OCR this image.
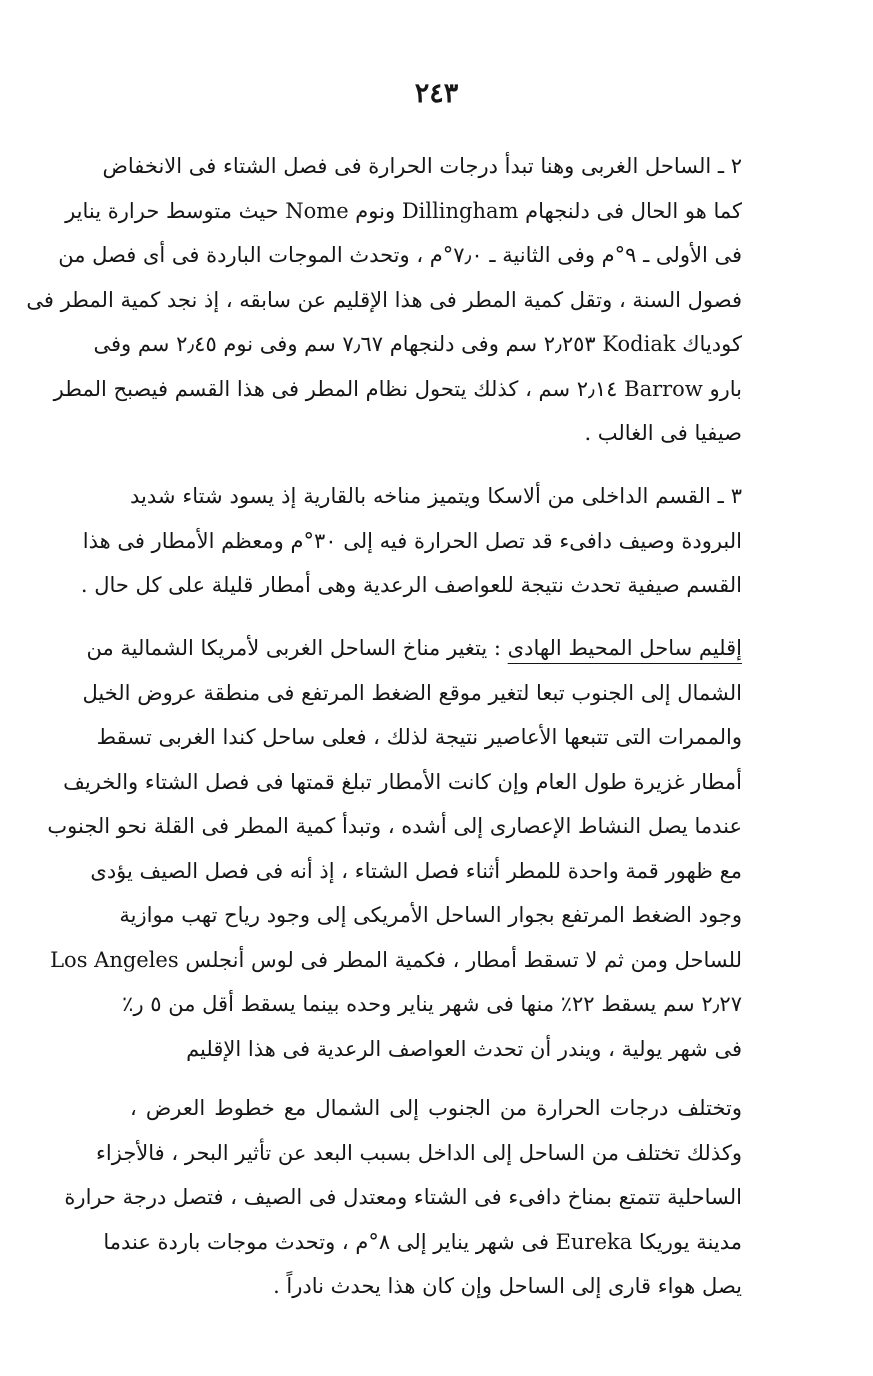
٢٤٣
٢ ـ الساحل الغربى وهنا تبدأ درجات الحرارة فى فصل الشتاء فى الانخفاض
كما هو الحال فى دلنجهام Dillingham ونوم Nome حيث متوسط حرارة يناير
فى الأولى ـ ٩°م وفى الثانية ـ ٧٫٠°م ، وتحدث الموجات الباردة فى أى فصل من
فصول السنة ، وتقل كمية المطر فى هذا الإقليم عن سابقه ، إذ نجد كمية المطر فى
كودياك Kodiak ٢٫٢٥٣ سم وفى دلنجهام ٧٫٦٧ سم وفى نوم ٢٫٤٥ سم وفى
بارو Barrow ٢٫١٤ سم ، كذلك يتحول نظام المطر فى هذا القسم فيصبح المطر
صيفيا فى الغالب .
٣ ـ القسم الداخلى من ألاسكا ويتميز مناخه بالقارية إذ يسود شتاء شديد
البرودة وصيف دافىء قد تصل الحرارة فيه إلى ٣٠°م ومعظم الأمطار فى هذا
القسم صيفية تحدث نتيجة للعواصف الرعدية وهى أمطار قليلة على كل حال .
إقليم ساحل المحيط الهادى : يتغير مناخ الساحل الغربى لأمريكا الشمالية من
الشمال إلى الجنوب تبعا لتغير موقع الضغط المرتفع فى منطقة عروض الخيل
والممرات التى تتبعها الأعاصير نتيجة لذلك ، فعلى ساحل كندا الغربى تسقط
أمطار غزيرة طول العام وإن كانت الأمطار تبلغ قمتها فى فصل الشتاء والخريف
عندما يصل النشاط الإعصارى إلى أشده ، وتبدأ كمية المطر فى القلة نحو الجنوب
مع ظهور قمة واحدة للمطر أثناء فصل الشتاء ، إذ أنه فى فصل الصيف يؤدى
وجود الضغط المرتفع بجوار الساحل الأمريكى إلى وجود رياح تهب موازية
للساحل ومن ثم لا تسقط أمطار ، فكمية المطر فى لوس أنجلس Los Angeles
٢٫٢٧ سم يسقط ٢٢٪ منها فى شهر يناير وحده بينما يسقط أقل من ٥ ر٪
فى شهر يولية ، ويندر أن تحدث العواصف الرعدية فى هذا الإقليم
وتختلف درجات الحرارة من الجنوب إلى الشمال مع خطوط العرض ،
وكذلك تختلف من الساحل إلى الداخل بسبب البعد عن تأثير البحر ، فالأجزاء
الساحلية تتمتع بمناخ دافىء فى الشتاء ومعتدل فى الصيف ، فتصل درجة حرارة
مدينة يوريكا Eureka فى شهر يناير إلى ٨°م ، وتحدث موجات باردة عندما
يصل هواء قارى إلى الساحل وإن كان هذا يحدث نادراً .
